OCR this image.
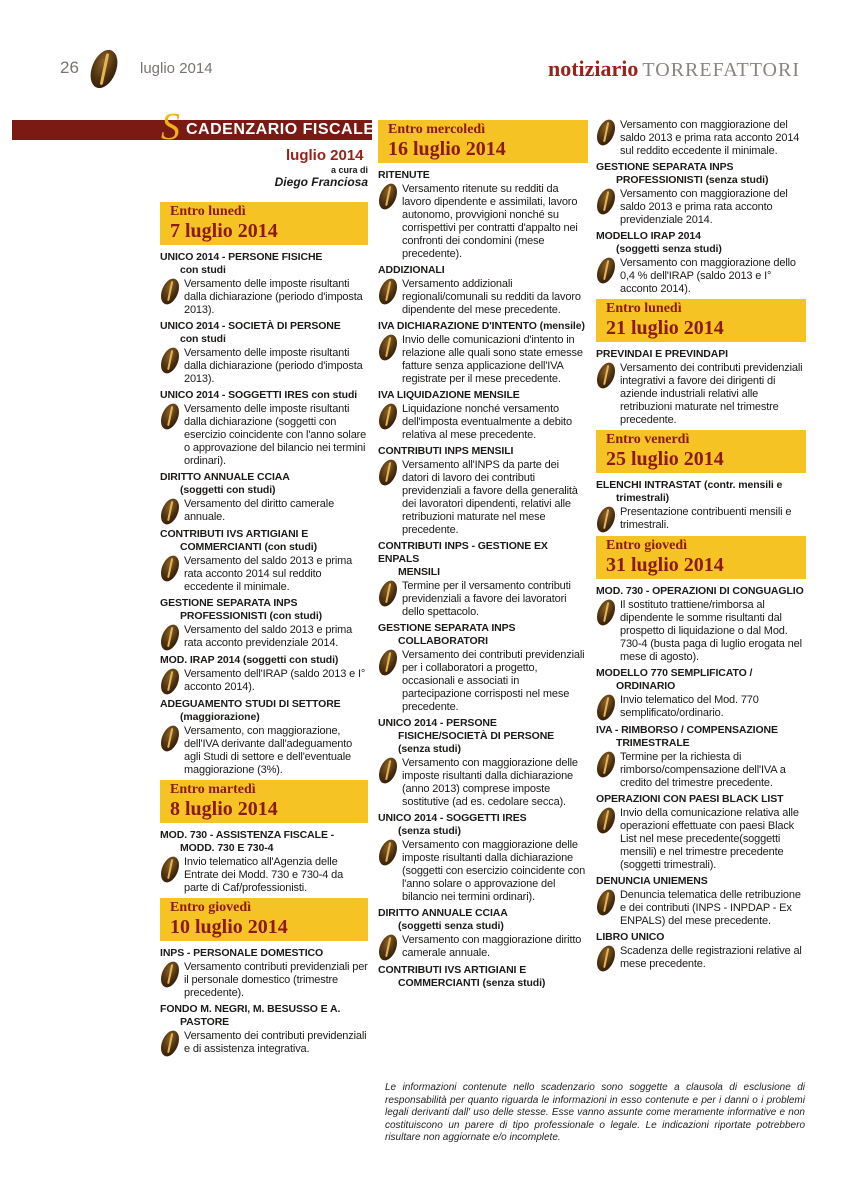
26	luglio 2014	notiziario TORREFATTORI
S CADENZARIO FISCALE
luglio 2014
a cura di
Diego Franciosa
Entro lunedì
7 luglio 2014
UNICO 2014 - PERSONE FISICHE
con studi
Versamento delle imposte risultanti dalla dichiarazione (periodo d'imposta 2013).
UNICO 2014 - SOCIETÀ DI PERSONE
con studi
Versamento delle imposte risultanti dalla dichiarazione (periodo d'imposta 2013).
UNICO 2014 - SOGGETTI IRES con studi
Versamento delle imposte risultanti dalla dichiarazione (soggetti con esercizio coincidente con l'anno solare o approvazione del bilancio nei termini ordinari).
DIRITTO ANNUALE CCIAA
(soggetti con studi)
Versamento del diritto camerale annuale.
CONTRIBUTI IVS ARTIGIANI E
COMMERCIANTI (con studi)
Versamento del saldo 2013 e prima rata acconto 2014 sul reddito eccedente il minimale.
GESTIONE SEPARATA INPS
PROFESSIONISTI (con studi)
Versamento del saldo 2013 e prima rata acconto previdenziale 2014.
MOD. IRAP 2014 (soggetti con studi)
Versamento dell'IRAP (saldo 2013 e I° acconto 2014).
ADEGUAMENTO STUDI DI SETTORE
(maggiorazione)
Versamento, con maggiorazione, dell'IVA derivante dall'adeguamento agli Studi di settore e dell'eventuale maggiorazione (3%).
Entro martedì
8 luglio 2014
MOD. 730 - ASSISTENZA FISCALE -
MODD. 730 E 730-4
Invio telematico all'Agenzia delle Entrate dei Modd. 730 e 730-4 da parte di Caf/professionisti.
Entro giovedì
10 luglio 2014
INPS - PERSONALE DOMESTICO
Versamento contributi previdenziali per il personale domestico (trimestre precedente).
FONDO M. NEGRI, M. BESUSSO E A.
PASTORE
Versamento dei contributi previdenziali e di assistenza integrativa.
Entro mercoledì
16 luglio 2014
RITENUTE
Versamento ritenute su redditi da lavoro dipendente e assimilati, lavoro autonomo, provvigioni nonché su corrispettivi per contratti d'appalto nei confronti dei condomini (mese precedente).
ADDIZIONALI
Versamento addizionali regionali/comunali su redditi da lavoro dipendente del mese precedente.
IVA DICHIARAZIONE D'INTENTO (mensile)
Invio delle comunicazioni d'intento in relazione alle quali sono state emesse fatture senza applicazione dell'IVA registrate per il mese precedente.
IVA LIQUIDAZIONE MENSILE
Liquidazione nonché versamento dell'imposta eventualmente a debito relativa al mese precedente.
CONTRIBUTI INPS MENSILI
Versamento all'INPS da parte dei datori di lavoro dei contributi previdenziali a favore della generalità dei lavoratori dipendenti, relativi alle retribuzioni maturate nel mese precedente.
CONTRIBUTI INPS - GESTIONE EX ENPALS
MENSILI
Termine per il versamento contributi previdenziali a favore dei lavoratori dello spettacolo.
GESTIONE SEPARATA INPS
COLLABORATORI
Versamento dei contributi previdenziali per i collaboratori a progetto, occasionali e associati in partecipazione corrisposti nel mese precedente.
UNICO 2014 - PERSONE
FISICHE/SOCIETÀ DI PERSONE
(senza studi)
Versamento con maggiorazione delle imposte risultanti dalla dichiarazione (anno 2013) comprese imposte sostitutive (ad es. cedolare secca).
UNICO 2014 - SOGGETTI IRES
(senza studi)
Versamento con maggiorazione delle imposte risultanti dalla dichiarazione (soggetti con esercizio coincidente con l'anno solare o approvazione del bilancio nei termini ordinari).
DIRITTO ANNUALE CCIAA
(soggetti senza studi)
Versamento con maggiorazione diritto camerale annuale.
CONTRIBUTI IVS ARTIGIANI E
COMMERCIANTI (senza studi)
Versamento con maggiorazione del saldo 2013 e prima rata acconto 2014 sul reddito eccedente il minimale.
GESTIONE SEPARATA INPS
PROFESSIONISTI (senza studi)
Versamento con maggiorazione del saldo 2013 e prima rata acconto previdenziale 2014.
MODELLO IRAP 2014
(soggetti senza studi)
Versamento con maggiorazione dello 0,4 % dell'IRAP (saldo 2013 e I° acconto 2014).
Entro lunedì
21 luglio 2014
PREVINDAI E PREVINDAPI
Versamento dei contributi previdenziali integrativi a favore dei dirigenti di aziende industriali relativi alle retribuzioni maturate nel trimestre precedente.
Entro venerdì
25 luglio 2014
ELENCHI INTRASTAT (contr. mensili e
trimestrali)
Presentazione contribuenti mensili e trimestrali.
Entro giovedì
31 luglio 2014
MOD. 730 - OPERAZIONI DI CONGUAGLIO
Il sostituto trattiene/rimborsa al dipendente le somme risultanti dal prospetto di liquidazione o dal Mod. 730-4 (busta paga di luglio erogata nel mese di agosto).
MODELLO 770 SEMPLIFICATO /
ORDINARIO
Invio telematico del Mod. 770 semplificato/ordinario.
IVA - RIMBORSO / COMPENSAZIONE
TRIMESTRALE
Termine per la richiesta di rimborso/compensazione dell'IVA a credito del trimestre precedente.
OPERAZIONI CON PAESI BLACK LIST
Invio della comunicazione relativa alle operazioni effettuate con paesi Black List nel mese precedente(soggetti mensili) e nel trimestre precedente (soggetti trimestrali).
DENUNCIA UNIEMENS
Denuncia telematica delle retribuzione e dei contributi (INPS - INPDAP - Ex ENPALS) del mese precedente.
LIBRO UNICO
Scadenza delle registrazioni relative al mese precedente.
Le informazioni contenute nello scadenzario sono soggette a clausola di esclusione di responsabilità per quanto riguarda le informazioni in esso contenute e per i danni o i problemi legali derivanti dall' uso delle stesse. Esse vanno assunte come meramente informative e non costituiscono un parere di tipo professionale o legale. Le indicazioni riportate potrebbero risultare non aggiornate e/o incomplete.
